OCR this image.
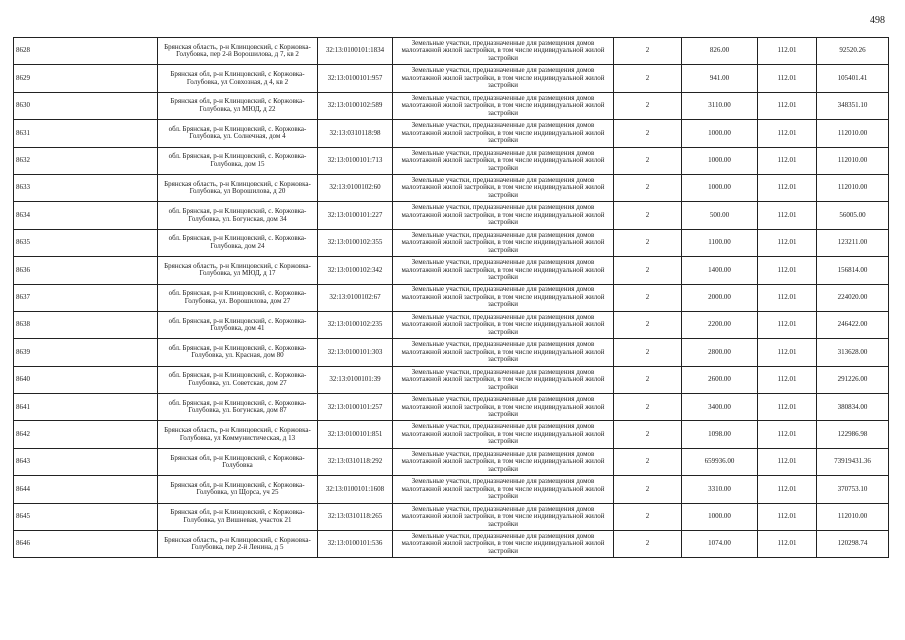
498
8628	Брянская область, р-н Клинцовский, с Коржовка-Голубовка, пер 2-й Ворошилова, д 7, кв 2	32:13:0100101:1834	Земельные участки, предназначенные для размещения домов малоэтажной жилой застройки, в том числе индивидуальной жилой застройки	2	826.00	112.01	92520.26
8629	Брянская обл, р-н Клинцовский, с Коржовка-Голубовка, ул Совхозная, д 4, кв 2	32:13:0100101:957	Земельные участки, предназначенные для размещения домов малоэтажной жилой застройки, в том числе индивидуальной жилой застройки	2	941.00	112.01	105401.41
8630	Брянская обл, р-н Клинцовский, с Коржовка-Голубовка, ул МЮД, д 22	32:13:0100102:589	Земельные участки, предназначенные для размещения домов малоэтажной жилой застройки, в том числе индивидуальной жилой застройки	2	3110.00	112.01	348351.10
8631	обл. Брянская, р-н Клинцовский, с. Коржовка-Голубовка, ул. Солнечная, дом 4	32:13:0310118:98	Земельные участки, предназначенные для размещения домов малоэтажной жилой застройки, в том числе индивидуальной жилой застройки	2	1000.00	112.01	112010.00
8632	обл. Брянская, р-н Клинцовский, с. Коржовка-Голубовка, дом 15	32:13:0100101:713	Земельные участки, предназначенные для размещения домов малоэтажной жилой застройки, в том числе индивидуальной жилой застройки	2	1000.00	112.01	112010.00
8633	Брянская область, р-н Клинцовский, с Коржовка-Голубовка, ул Ворошилова, д 20	32:13:0100102:60	Земельные участки, предназначенные для размещения домов малоэтажной жилой застройки, в том числе индивидуальной жилой застройки	2	1000.00	112.01	112010.00
8634	обл. Брянская, р-н Клинцовский, с. Коржовка-Голубовка, ул. Богунская, дом 34	32:13:0100101:227	Земельные участки, предназначенные для размещения домов малоэтажной жилой застройки, в том числе индивидуальной жилой застройки	2	500.00	112.01	56005.00
8635	обл. Брянская, р-н Клинцовский, с. Коржовка-Голубовка, дом 24	32:13:0100102:355	Земельные участки, предназначенные для размещения домов малоэтажной жилой застройки, в том числе индивидуальной жилой застройки	2	1100.00	112.01	123211.00
8636	Брянская область, р-н Клинцовский, с Коржовка-Голубовка, ул МЮД, д 17	32:13:0100102:342	Земельные участки, предназначенные для размещения домов малоэтажной жилой застройки, в том числе индивидуальной жилой застройки	2	1400.00	112.01	156814.00
8637	обл. Брянская, р-н Клинцовский, с. Коржовка-Голубовка, ул. Ворошилова, дом 27	32:13:0100102:67	Земельные участки, предназначенные для размещения домов малоэтажной жилой застройки, в том числе индивидуальной жилой застройки	2	2000.00	112.01	224020.00
8638	обл. Брянская, р-н Клинцовский, с. Коржовка-Голубовка, дом 41	32:13:0100102:235	Земельные участки, предназначенные для размещения домов малоэтажной жилой застройки, в том числе индивидуальной жилой застройки	2	2200.00	112.01	246422.00
8639	обл. Брянская, р-н Клинцовский, с. Коржовка-Голубовка, ул. Красная, дом 80	32:13:0100101:303	Земельные участки, предназначенные для размещения домов малоэтажной жилой застройки, в том числе индивидуальной жилой застройки	2	2800.00	112.01	313628.00
8640	обл. Брянская, р-н Клинцовский, с. Коржовка-Голубовка, ул. Советская, дом 27	32:13:0100101:39	Земельные участки, предназначенные для размещения домов малоэтажной жилой застройки, в том числе индивидуальной жилой застройки	2	2600.00	112.01	291226.00
8641	обл. Брянская, р-н Клинцовский, с. Коржовка-Голубовка, ул. Богунская, дом 87	32:13:0100101:257	Земельные участки, предназначенные для размещения домов малоэтажной жилой застройки, в том числе индивидуальной жилой застройки	2	3400.00	112.01	380834.00
8642	Брянская область, р-н Клинцовский, с Коржовка-Голубовка, ул Коммунистическая, д 13	32:13:0100101:851	Земельные участки, предназначенные для размещения домов малоэтажной жилой застройки, в том числе индивидуальной жилой застройки	2	1098.00	112.01	122986.98
8643	Брянская обл, р-н Клинцовский, с Коржовка-Голубовка	32:13:0310118:292	Земельные участки, предназначенные для размещения домов малоэтажной жилой застройки, в том числе индивидуальной жилой застройки	2	659936.00	112.01	73919431.36
8644	Брянская обл, р-н Клинцовский, с Коржовка-Голубовка, ул Щорса, уч 25	32:13:0100101:1608	Земельные участки, предназначенные для размещения домов малоэтажной жилой застройки, в том числе индивидуальной жилой застройки	2	3310.00	112.01	370753.10
8645	Брянская обл, р-н Клинцовский, с Коржовка-Голубовка, ул Вишневая, участок 21	32:13:0310118:265	Земельные участки, предназначенные для размещения домов малоэтажной жилой застройки, в том числе индивидуальной жилой застройки	2	1000.00	112.01	112010.00
8646	Брянская область, р-н Клинцовский, с Коржовка-Голубовка, пер 2-й Ленина, д 5	32:13:0100101:536	Земельные участки, предназначенные для размещения домов малоэтажной жилой застройки, в том числе индивидуальной жилой застройки	2	1074.00	112.01	120298.74
